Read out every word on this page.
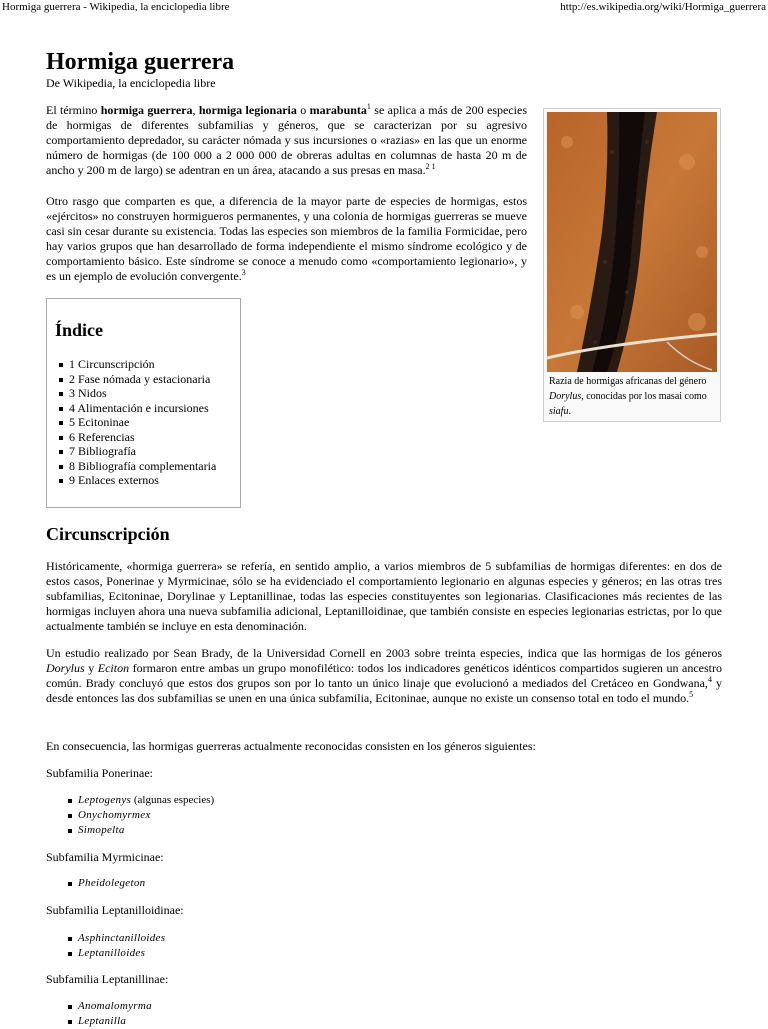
Hormiga guerrera - Wikipedia, la enciclopedia libre	http://es.wikipedia.org/wiki/Hormiga_guerrera
Hormiga guerrera
De Wikipedia, la enciclopedia libre

El término hormiga guerrera, hormiga legionaria o marabunta$^1$ se aplica a más de 200 especies de hormigas de diferentes subfamilias y géneros, que se caracterizan por su agresivo comportamiento depredador, su carácter nómada y sus incursiones o «razias» en las que un enorme número de hormigas (de 100 000 a 2 000 000 de obreras adultas en columnas de hasta 20 m de ancho y 200 m de largo) se adentran en un área, atacando a sus presas en masa.$^{2 1}$

Otro rasgo que comparten es que, a diferencia de la mayor parte de especies de hormigas, estos «ejércitos» no construyen hormigueros permanentes, y una colonia de hormigas guerreras se mueve casi sin cesar durante su existencia. Todas las especies son miembros de la familia Formicidae, pero hay varios grupos que han desarrollado de forma independiente el mismo síndrome ecológico y de comportamiento básico. Este síndrome se conoce a menudo como «comportamiento legionario», y es un ejemplo de evolución convergente.$^3$

Razia de hormigas africanas del género Dorylus, conocidas por los masai como siafu.
Índice
1 Circunscripción
2 Fase nómada y estacionaria
3 Nidos
4 Alimentación e incursiones
5 Ecitoninae
6 Referencias
7 Bibliografía
8 Bibliografía complementaria
9 Enlaces externos
Circunscripción

Históricamente, «hormiga guerrera» se refería, en sentido amplio, a varios miembros de 5 subfamilias de hormigas diferentes: en dos de estos casos, Ponerinae y Myrmicinae, sólo se ha evidenciado el comportamiento legionario en algunas especies y géneros; en las otras tres subfamilias, Ecitoninae, Dorylinae y Leptanillinae, todas las especies constituyentes son legionarias. Clasificaciones más recientes de las hormigas incluyen ahora una nueva subfamilia adicional, Leptanilloidinae, que también consiste en especies legionarias estrictas, por lo que actualmente también se incluye en esta denominación.

Un estudio realizado por Sean Brady, de la Universidad Cornell en 2003 sobre treinta especies, indica que las hormigas de los géneros Dorylus y Eciton formaron entre ambas un grupo monofilético: todos los indicadores genéticos idénticos compartidos sugieren un ancestro común. Brady concluyó que estos dos grupos son por lo tanto un único linaje que evolucionó a mediados del Cretáceo en Gondwana,$^4$ y desde entonces las dos subfamilias se unen en una única subfamilia, Ecitoninae, aunque no existe un consenso total en todo el mundo.$^5$

En consecuencia, las hormigas guerreras actualmente reconocidas consisten en los géneros siguientes:

Subfamilia Ponerinae:
Leptogenys (algunas especies)
Onychomyrmex
Simopelta
Subfamilia Myrmicinae:
Pheidolegeton
Subfamilia Leptanilloidinae:
Asphinctanilloides
Leptanilloides
Subfamilia Leptanillinae:
Anomalomyrma
Leptanilla
